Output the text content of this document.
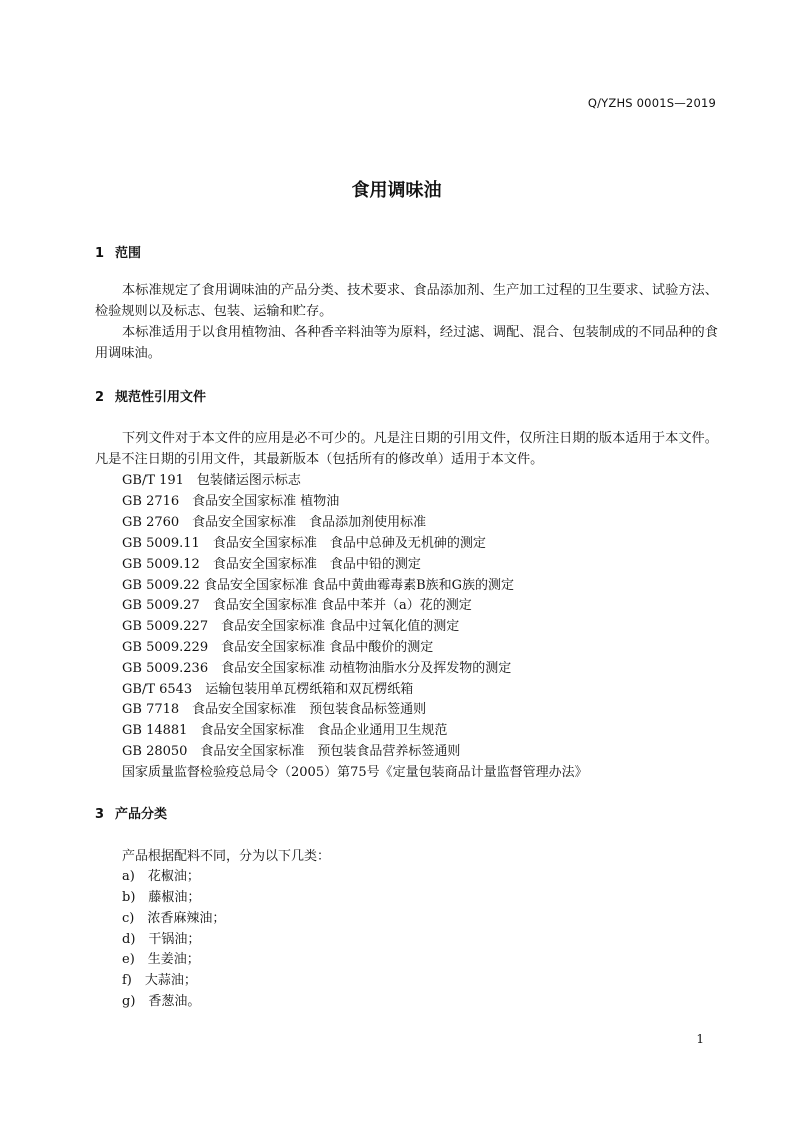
Q/YZHS 0001S—2019
食用调味油
1 范围

本标准规定了食用调味油的产品分类、技术要求、食品添加剂、生产加工过程的卫生要求、试验方法、检验规则以及标志、包装、运输和贮存。

本标准适用于以食用植物油、各种香辛料油等为原料，经过滤、调配、混合、包装制成的不同品种的食用调味油。

2 规范性引用文件

下列文件对于本文件的应用是必不可少的。凡是注日期的引用文件，仅所注日期的版本适用于本文件。凡是不注日期的引用文件，其最新版本（包括所有的修改单）适用于本文件。

GB/T 191　包装储运图示标志
GB 2716　食品安全国家标准 植物油
GB 2760　食品安全国家标准　食品添加剂使用标准
GB 5009.11　食品安全国家标准　食品中总砷及无机砷的测定
GB 5009.12　食品安全国家标准　食品中铅的测定
GB 5009.22 食品安全国家标准 食品中黄曲霉毒素B族和G族的测定
GB 5009.27　食品安全国家标准 食品中苯并（a）花的测定
GB 5009.227　食品安全国家标准 食品中过氧化值的测定
GB 5009.229　食品安全国家标准 食品中酸价的测定
GB 5009.236　食品安全国家标准 动植物油脂水分及挥发物的测定
GB/T 6543　运输包装用单瓦楞纸箱和双瓦楞纸箱
GB 7718　食品安全国家标准　预包装食品标签通则
GB 14881　食品安全国家标准　食品企业通用卫生规范
GB 28050　食品安全国家标准　预包装食品营养标签通则
国家质量监督检验疫总局令（2005）第75号《定量包装商品计量监督管理办法》
3 产品分类
产品根据配料不同，分为以下几类：
a)　花椒油；
b)　藤椒油；
c)　浓香麻辣油；
d)　干锅油；
e)　生姜油；
f)　大蒜油；
g)　香葱油。
1
